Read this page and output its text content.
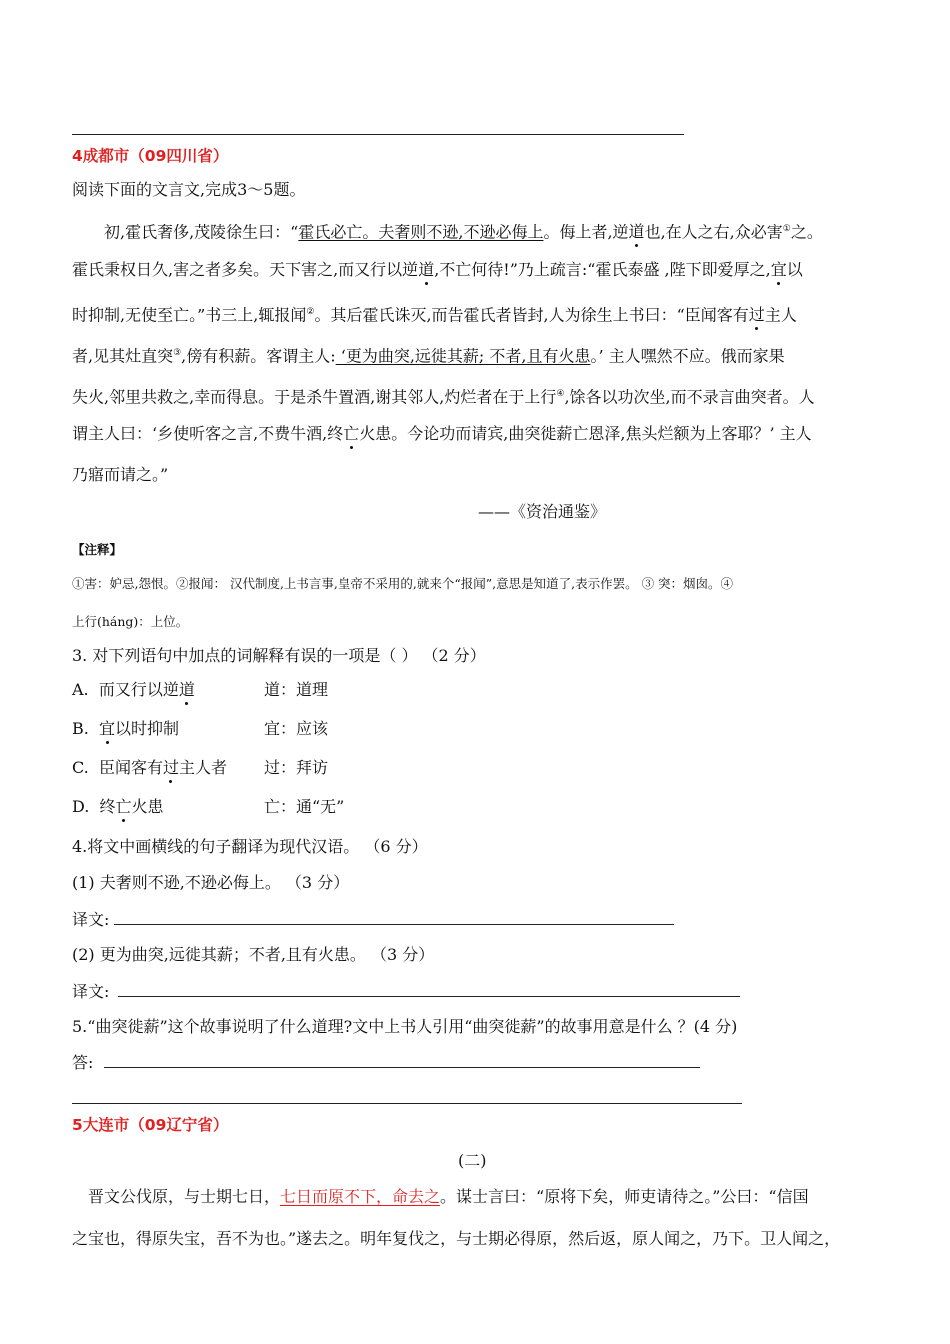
4成都市（09四川省）
阅读下面的文言文,完成3～5题。
初,霍氏奢侈,茂陵徐生曰：“霍氏必亡。夫奢则不逊,不逊必侮上。侮上者,逆道也,在人之右,众必害①之。
霍氏秉权日久,害之者多矣。天下害之,而又行以逆道,不亡何待!”乃上疏言:“霍氏泰盛 ,陛下即爱厚之,宜以
时抑制,无使至亡。”书三上,辄报闻②。其后霍氏诛灭,而告霍氏者皆封,人为徐生上书曰：“臣闻客有过主人
者,见其灶直突③,傍有积薪。客谓主人: ‘更为曲突,远徙其薪; 不者,且有火患。’ 主人嘿然不应。俄而家果
失火,邻里共救之,幸而得息。于是杀牛置酒,谢其邻人,灼烂者在于上行④,馀各以功次坐,而不录言曲突者。人
谓主人曰：‘乡使听客之言,不费牛酒,终亡火患。今论功而请宾,曲突徙薪亡恩泽,焦头烂额为上客耶？’ 主人
乃寤而请之。”
——《资治通鉴》
【注释】
①害：妒忌,怨恨。②报闻： 汉代制度,上书言事,皇帝不采用的,就来个“报闻”,意思是知道了,表示作罢。 ③ 突：烟囱。④
上行(háng)：上位。
3. 对下列语句中加点的词解释有误的一项是（ ） （2 分）
A. 而又行以逆道	道：道理
B. 宜以时抑制	宜：应该
C. 臣闻客有过主人者 过：拜访
D. 终亡火患	亡：通“无”
4.将文中画横线的句子翻译为现代汉语。 （6 分）
(1) 夫奢则不逊,不逊必侮上。 （3 分）
译文:
(2) 更为曲突,远徙其薪；不者,且有火患。 （3 分）
译文:
5.“曲突徙薪”这个故事说明了什么道理?文中上书人引用“曲突徙薪”的故事用意是什么 ？(4 分)
答:
5大连市（09辽宁省）
(二)
晋文公伐原，与士期七日，七日而原不下，命去之。谋士言曰：“原将下矣，师吏请待之。”公曰：“信国
之宝也，得原失宝，吾不为也。”遂去之。明年复伐之，与士期必得原，然后返，原人闻之，乃下。卫人闻之，
